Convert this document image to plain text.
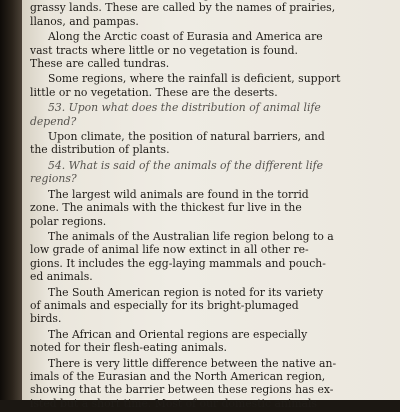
grassy lands. These are called by the names of prairies,
llanos, and pampas.

Along the Arctic coast of Eurasia and America are
vast tracts where little or no vegetation is found.
These are called tundras.

Some regions, where the rainfall is deficient, support
little or no vegetation. These are the deserts.

53. Upon what does the distribution of animal life
depend?

Upon climate, the position of natural barriers, and
the distribution of plants.

54. What is said of the animals of the different life
regions?

The largest wild animals are found in the torrid
zone. The animals with the thickest fur live in the
polar regions.

The animals of the Australian life region belong to a
low grade of animal life now extinct in all other re-
gions. It includes the egg-laying mammals and pouch-
ed animals.

The South American region is noted for its variety
of animals and especially for its bright-plumaged
birds.

The African and Oriental regions are especially
noted for their flesh-eating animals.

There is very little difference between the native an-
imals of the Eurasian and the North American region,
showing that the barrier between these regions has ex-
isted but a short time. Most of our domestic animals
